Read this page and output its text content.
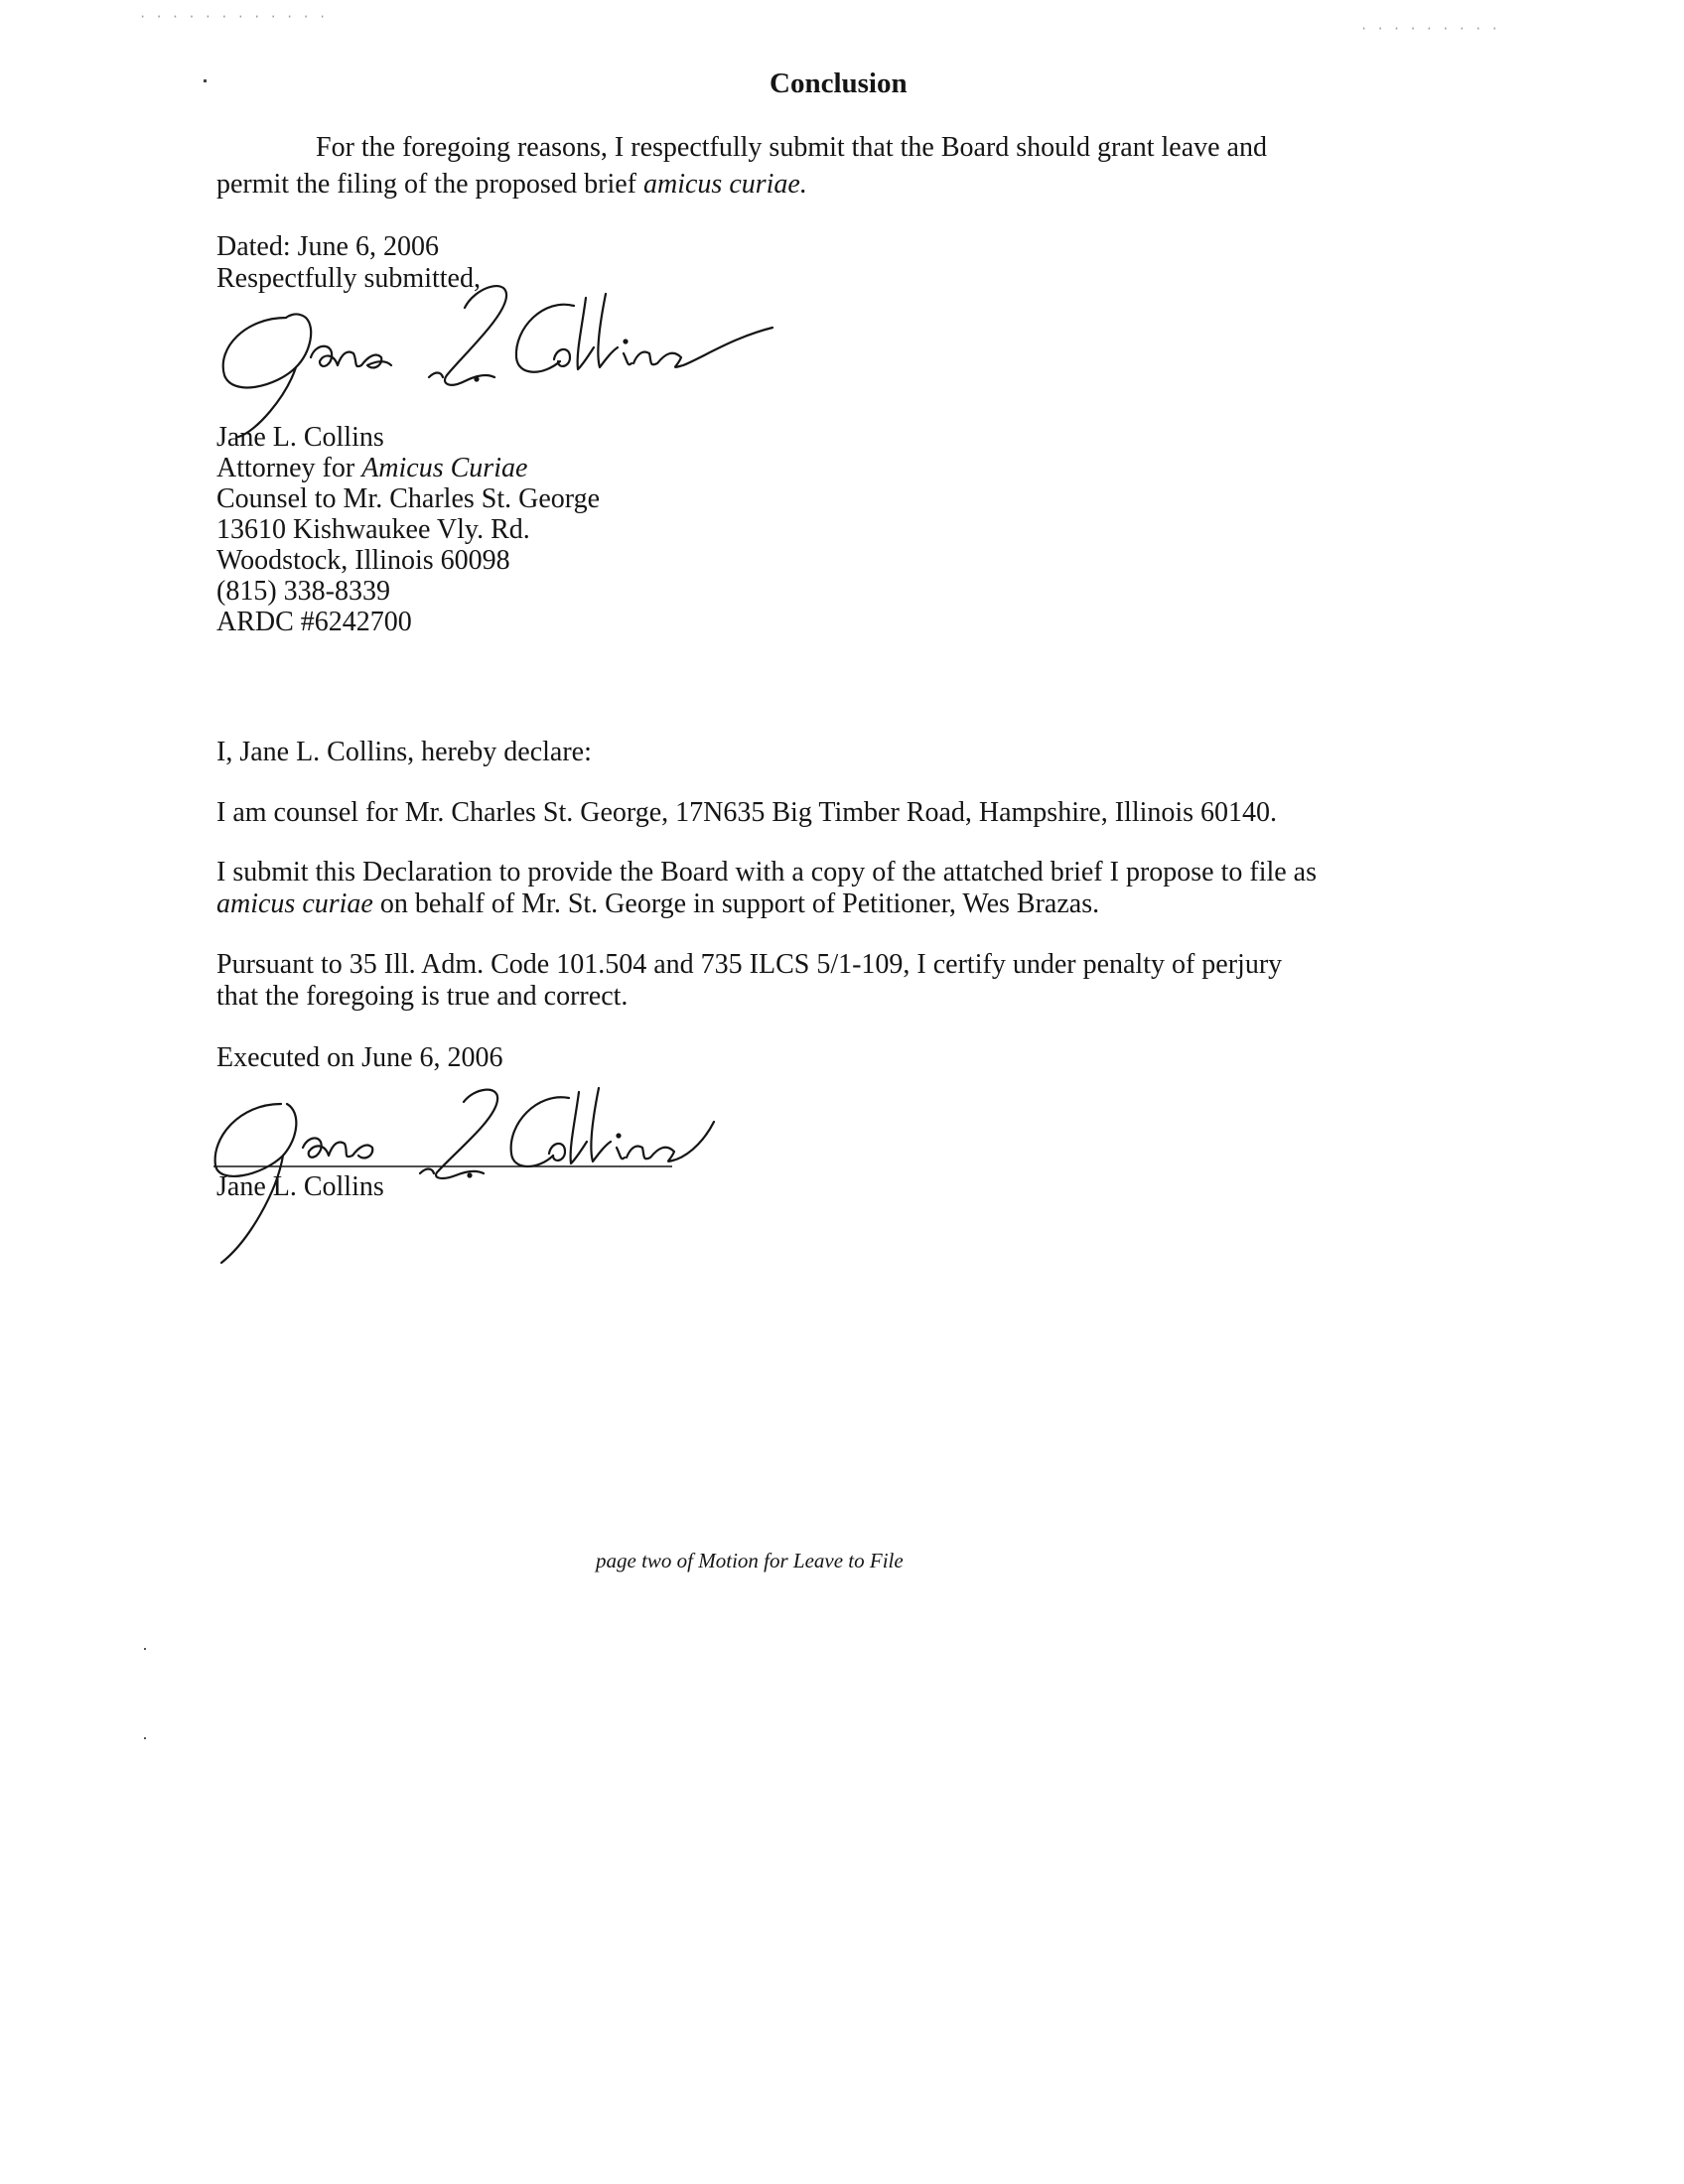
· · · · · · · · · · · ·
· · · · · · · · ·
Conclusion

For the foregoing reasons, I respectfully submit that the Board should grant leave and

permit the filing of the proposed brief amicus curiae.

Dated: June 6, 2006

Respectfully submitted,

Jane L. Collins

Attorney for Amicus Curiae

Counsel to Mr. Charles St. George

13610 Kishwaukee Vly. Rd.

Woodstock, Illinois 60098

(815) 338-8339

ARDC #6242700

I, Jane L. Collins, hereby declare:

I am counsel for Mr. Charles St. George, 17N635 Big Timber Road, Hampshire, Illinois 60140.

I submit this Declaration to provide the Board with a copy of the attatched brief I propose to file as

amicus curiae on behalf of Mr. St. George in support of Petitioner, Wes Brazas.

Pursuant to 35 Ill. Adm. Code 101.504 and 735 ILCS 5/1-109, I certify under penalty of perjury

that the foregoing is true and correct.

Executed on June 6, 2006

Jane L. Collins

page two of Motion for Leave to File
